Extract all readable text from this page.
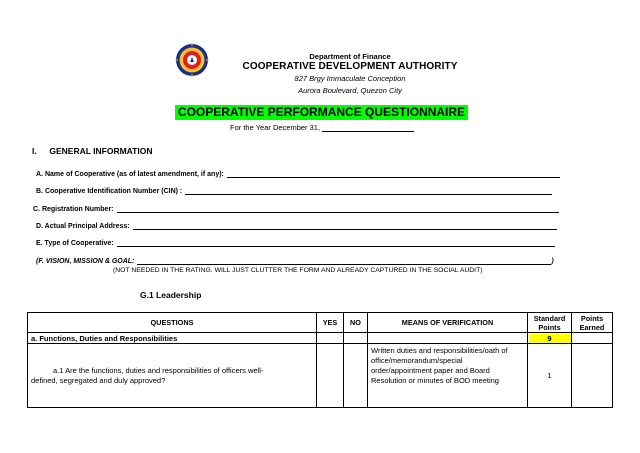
Department of Finance
COOPERATIVE DEVELOPMENT AUTHORITY
827 Brgy Immaculate Conception
Aurora Boulevard, Quezon City
COOPERATIVE PERFORMANCE QUESTIONNAIRE
For the Year December 31,
I. GENERAL INFORMATION
A. Name of Cooperative (as of latest amendment, if any):
B. Cooperative Identification Number (CIN) :
C. Registration Number:
D. Actual Principal Address:
E. Type of Cooperative:
(F. VISION, MISSION & GOAL:	)
(NOT NEEDED IN THE RATING. WILL JUST CLUTTER THE FORM AND ALREADY CAPTURED IN THE SOCIAL AUDIT)
G.1 Leadership
QUESTIONS	YES	NO	MEANS OF VERIFICATION	Standard Points	Points Earned
a. Functions, Duties and Responsibilities				9	

a.1 Are the functions, duties and responsibilities of officers well-
defined, segregated and duly approved?			Written duties and responsibilities/oath of office/memorandum/special order/appointment paper and Board Resolution or minutes of BOD meeting	1	
